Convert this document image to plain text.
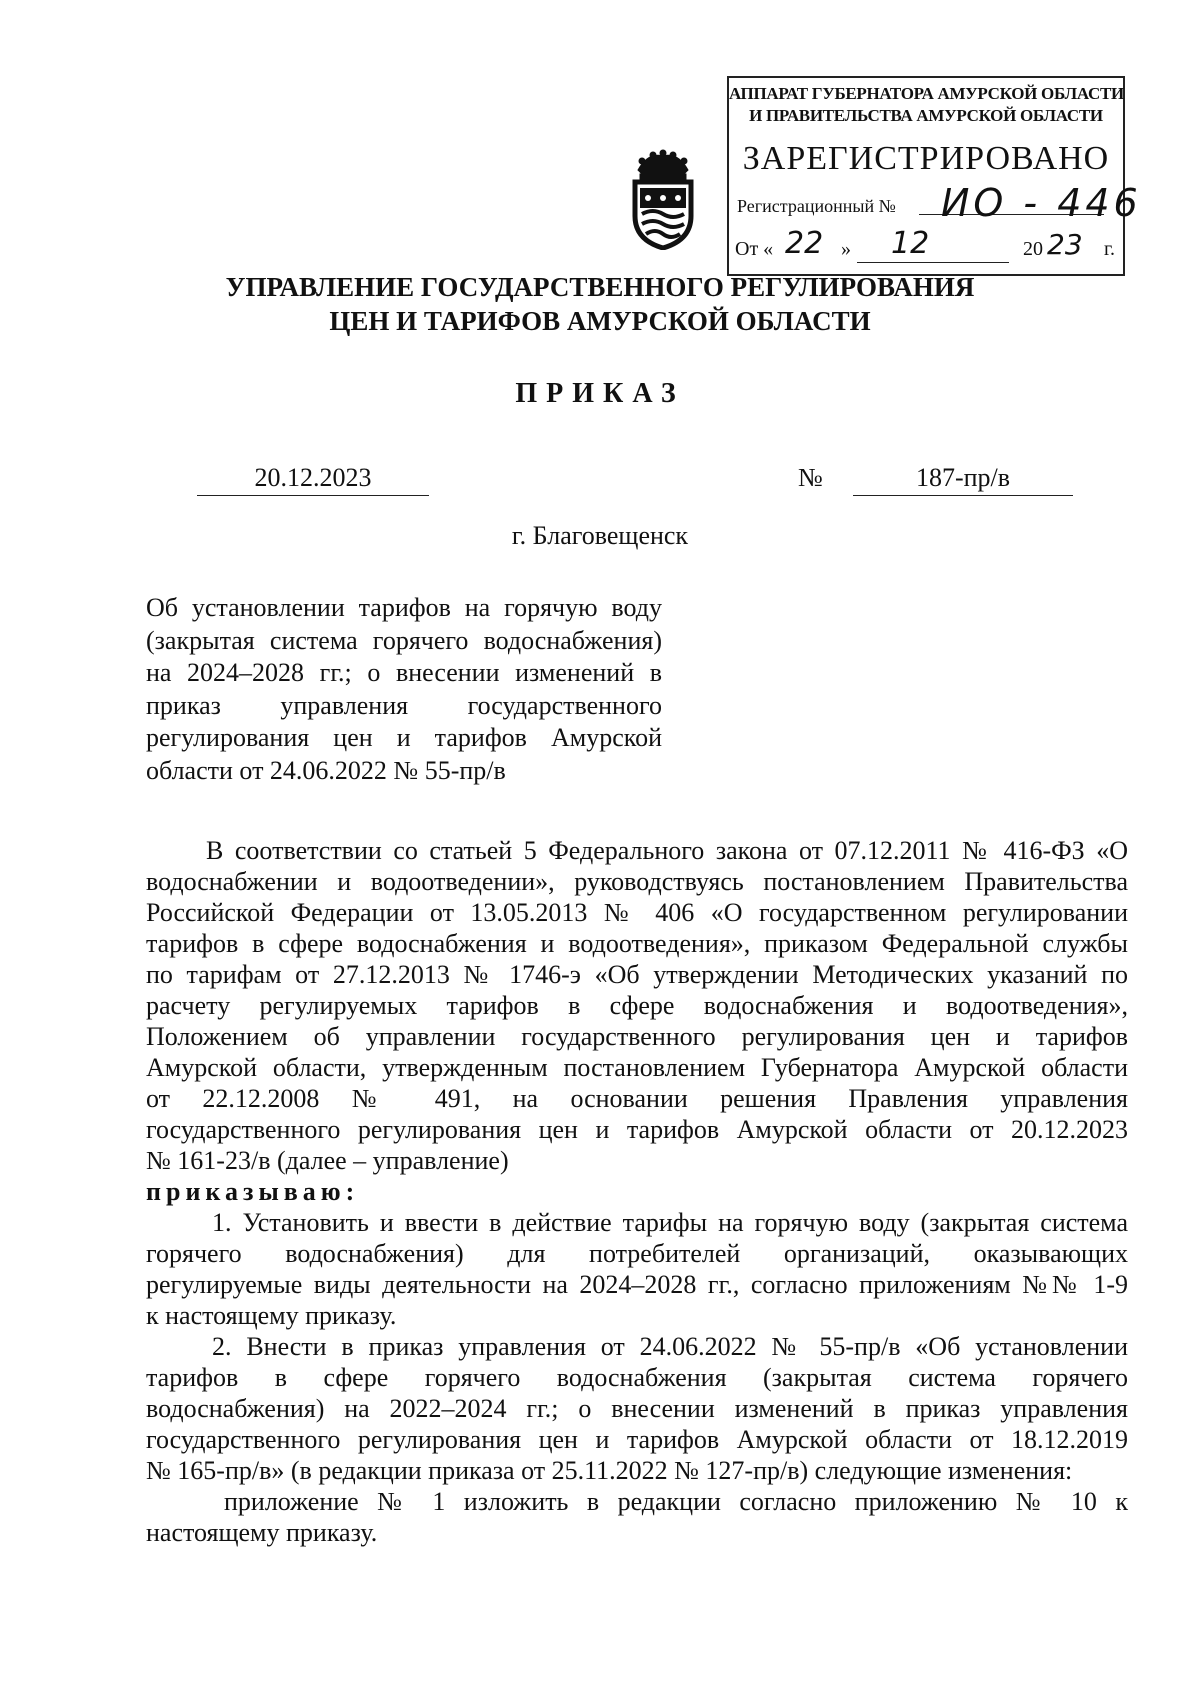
АППАРАТ ГУБЕРНАТОРА АМУРСКОЙ ОБЛАСТИ
И ПРАВИТЕЛЬСТВА АМУРСКОЙ ОБЛАСТИ
ЗАРЕГИСТРИРОВАНО
Регистрационный № ИО - 446
От « 22 » 12	20 23 г.
УПРАВЛЕНИЕ ГОСУДАРСТВЕННОГО РЕГУЛИРОВАНИЯ
ЦЕН И ТАРИФОВ АМУРСКОЙ ОБЛАСТИ
ПРИКАЗ
20.12.2023	№	187-пр/в
г. Благовещенск
Об установлении тарифов на горячую воду
(закрытая система горячего водоснабжения)
на 2024–2028 гг.; о внесении изменений в
приказ управления государственного
регулирования цен и тарифов Амурской
области от 24.06.2022 № 55-пр/в
В соответствии со статьей 5 Федерального закона от 07.12.2011 № 416-ФЗ «О
водоснабжении и водоотведении», руководствуясь постановлением Правительства
Российской Федерации от 13.05.2013 № 406 «О государственном регулировании
тарифов в сфере водоснабжения и водоотведения», приказом Федеральной службы
по тарифам от 27.12.2013 № 1746-э «Об утверждении Методических указаний по
расчету регулируемых тарифов в сфере водоснабжения и водоотведения»,
Положением об управлении государственного регулирования цен и тарифов
Амурской области, утвержденным постановлением Губернатора Амурской области
от 22.12.2008 № 491, на основании решения Правления управления
государственного регулирования цен и тарифов Амурской области от 20.12.2023
№ 161-23/в (далее – управление)
приказываю:
1. Установить и ввести в действие тарифы на горячую воду (закрытая система
горячего водоснабжения) для потребителей организаций, оказывающих
регулируемые виды деятельности на 2024–2028 гг., согласно приложениям №№ 1-9
к настоящему приказу.
2. Внести в приказ управления от 24.06.2022 № 55-пр/в «Об установлении
тарифов в сфере горячего водоснабжения (закрытая система горячего
водоснабжения) на 2022–2024 гг.; о внесении изменений в приказ управления
государственного регулирования цен и тарифов Амурской области от 18.12.2019
№ 165-пр/в» (в редакции приказа от 25.11.2022 № 127-пр/в) следующие изменения:
приложение № 1 изложить в редакции согласно приложению № 10 к
настоящему приказу.
